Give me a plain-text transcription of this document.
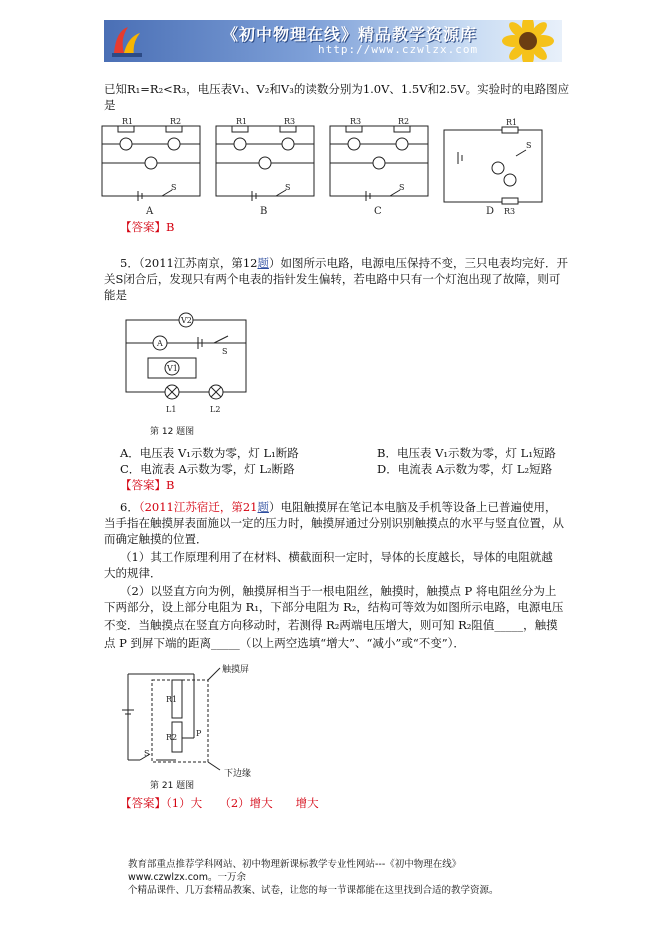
《初中物理在线》精品教学资源库
http://www.czwlzx.com
已知R₁=R₂<R₃，电压表V₁、V₂和V₃的读数分别为1.0V、1.5V和2.5V。实验时的电路图应
是
R1	R2	R1	R3	R3	R2	R1
R3
S	S	S
S
A	B	C	D
【答案】B
5．（2011江苏南京，第12题）如图所示电路，电源电压保持不变，三只电表均完好．开
关S闭合后，发现只有两个电表的指针发生偏转，若电路中只有一个灯泡出现了故障，则可
能是
V2
A
V1
S
L1	L2
第 12 题图
A．电压表 V₁示数为零，灯 L₁断路	B．电压表 V₁示数为零，灯 L₁短路
C．电流表 A示数为零，灯 L₂断路	D．电流表 A示数为零，灯 L₂短路
【答案】B
6．（2011江苏宿迁，第21题）电阻触摸屏在笔记本电脑及手机等设备上已普遍使用，
当手指在触摸屏表面施以一定的压力时，触摸屏通过分别识别触摸点的水平与竖直位置，从
而确定触摸的位置．
（1）其工作原理利用了在材料、横截面积一定时，导体的长度越长，导体的电阻就越
大的规律．
（2）以竖直方向为例，触摸屏相当于一根电阻丝，触摸时，触摸点 P 将电阻丝分为上
下两部分，设上部分电阻为 R₁，下部分电阻为 R₂，结构可等效为如图所示电路，电源电压
不变．当触摸点在竖直方向移动时，若测得 R₂两端电压增大，则可知 R₂阻值_____，触摸
点 P 到屏下端的距离_____（以上两空选填“增大”、“减小”或“不变”）．
R1
R2 P
S
触摸屏
下边缘
第 21 题图
【答案】（1）大　　（2）增大　　增大
教育部重点推荐学科网站、初中物理新课标教学专业性网站---《初中物理在线》www.czwlzx.com。一万余
个精品课件、几万套精品教案、试卷，让您的每一节课都能在这里找到合适的教学资源。
